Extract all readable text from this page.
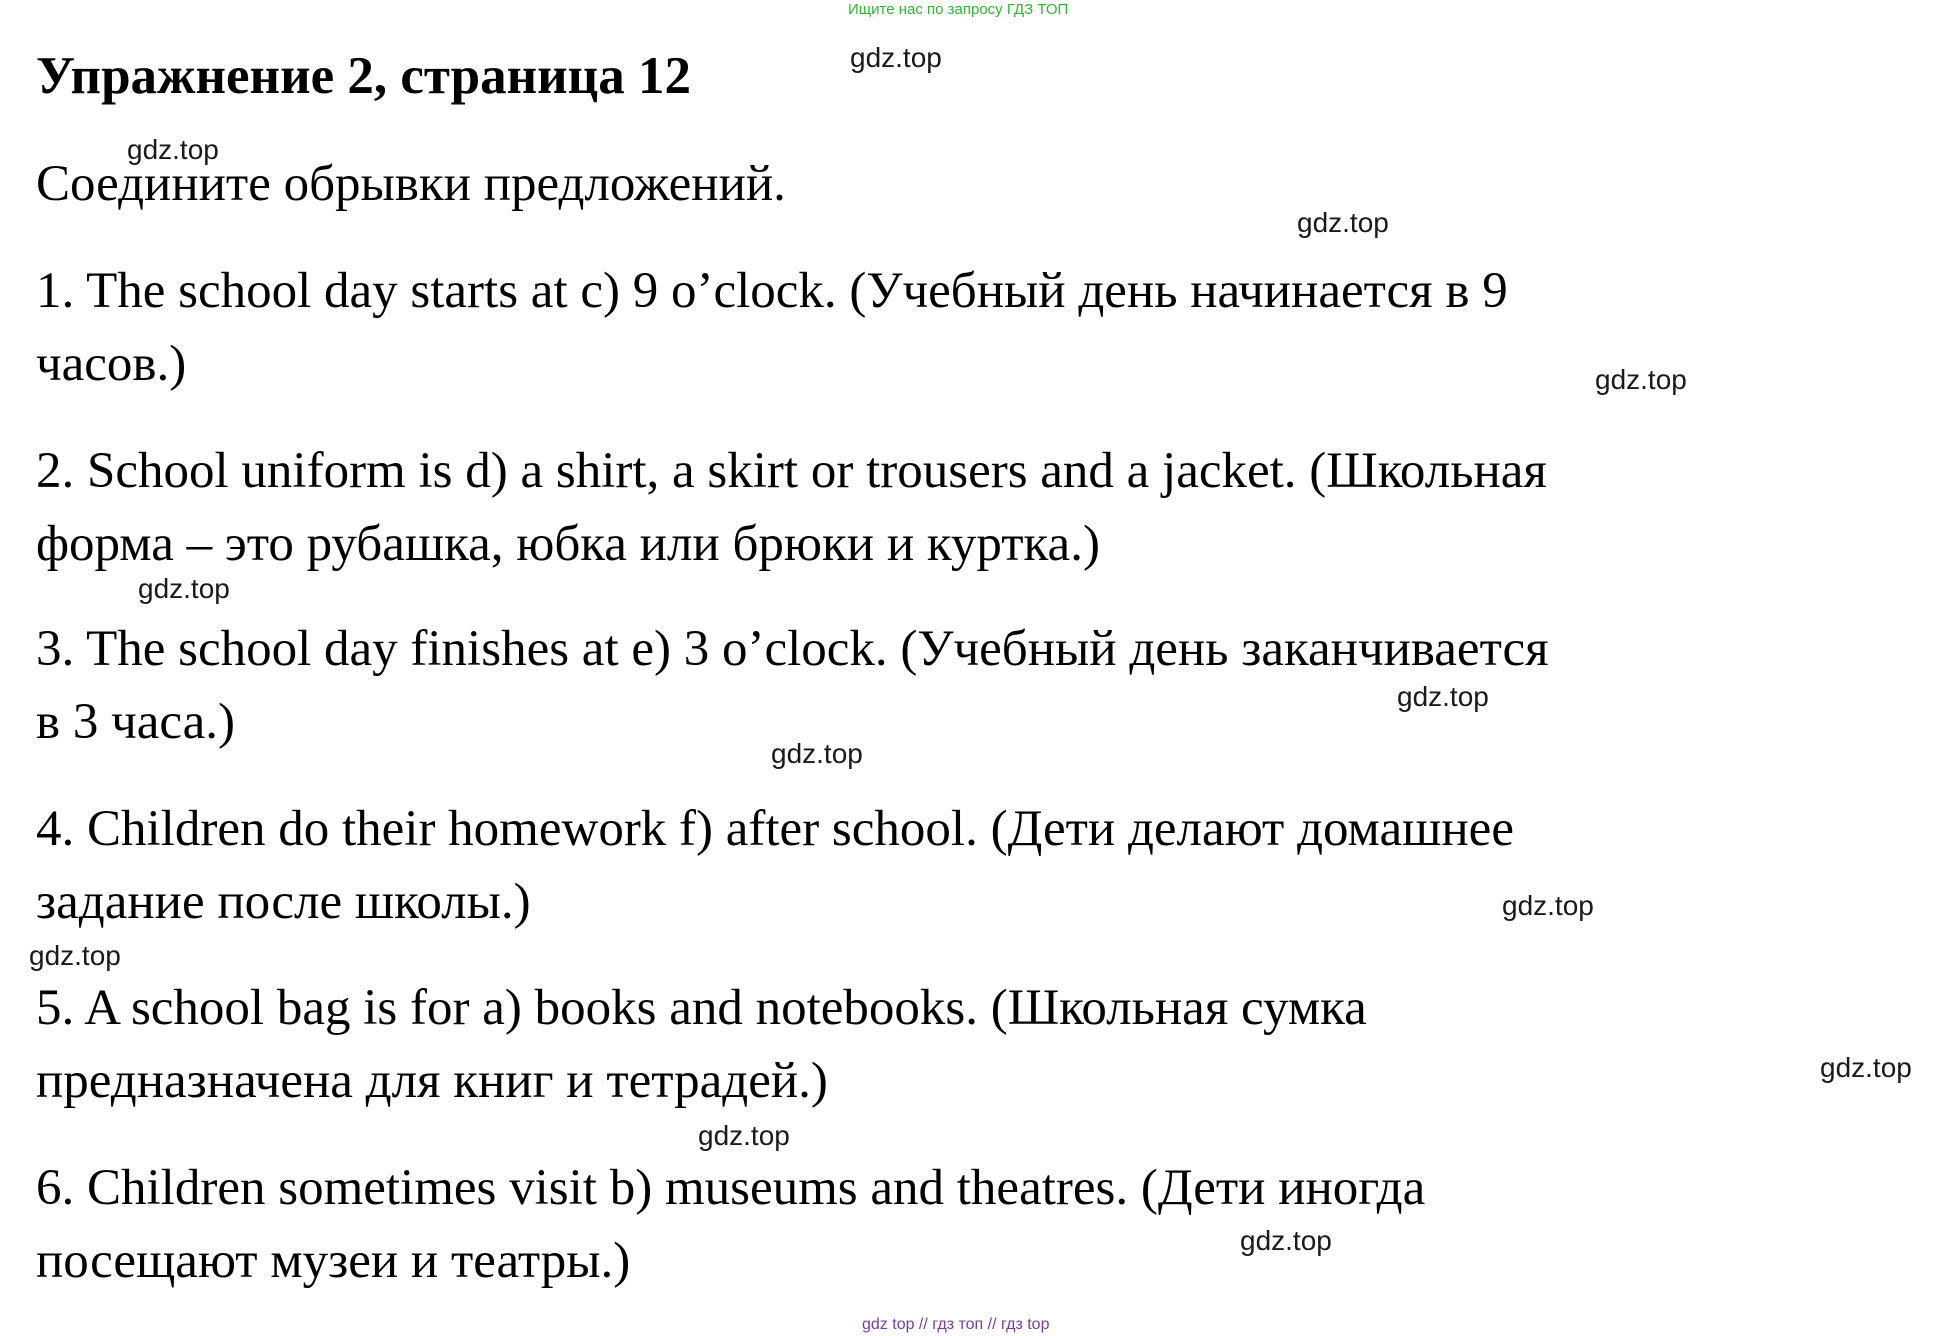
Ищите нас по запросу ГДЗ ТОП
Упражнение 2, страница 12
Соедините обрывки предложений.

1. The school day starts at c) 9 o’clock. (Учебный день начинается в 9
часов.)

2. School uniform is d) a shirt, a skirt or trousers and a jacket. (Школьная
форма – это рубашка, юбка или брюки и куртка.)

3. The school day finishes at e) 3 o’clock. (Учебный день заканчивается
в 3 часа.)

4. Children do their homework f) after school. (Дети делают домашнее
задание после школы.)

5. A school bag is for a) books and notebooks. (Школьная сумка
предназначена для книг и тетрадей.)

6. Children sometimes visit b) museums and theatres. (Дети иногда
посещают музеи и театры.)

gdz.top
gdz.top
gdz.top
gdz.top
gdz.top
gdz.top
gdz.top
gdz.top
gdz.top
gdz.top
gdz.top
gdz.top
gdz top // гдз топ // гдз top
